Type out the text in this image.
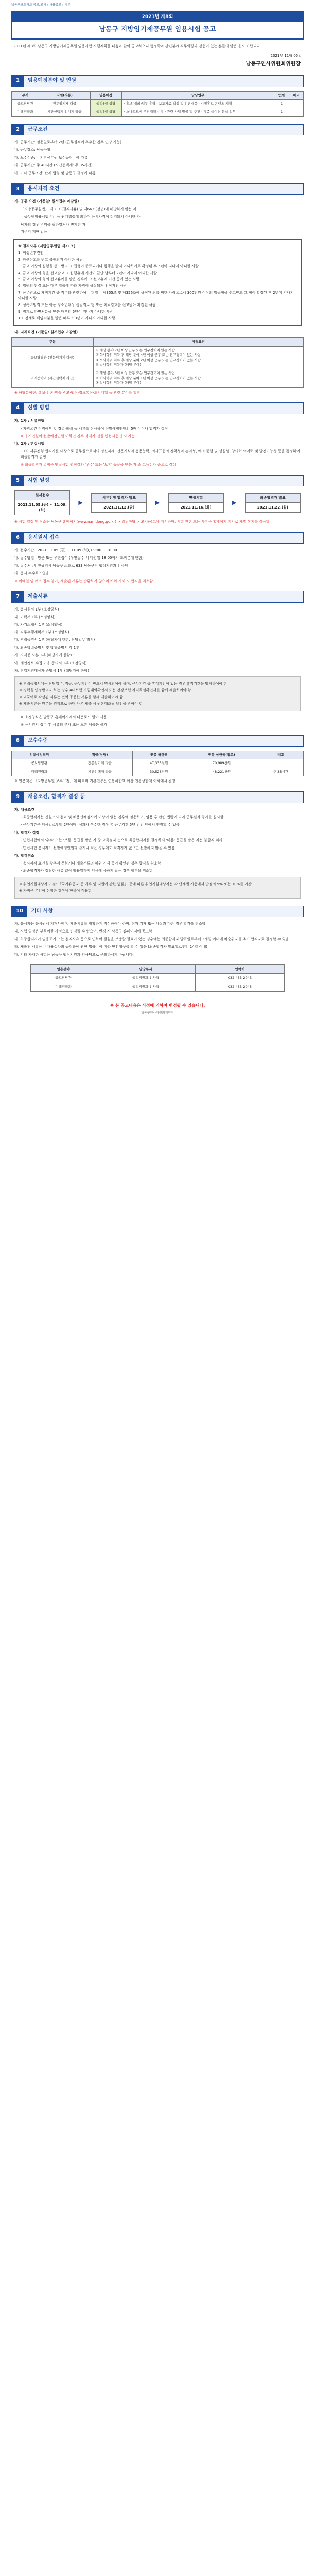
남동구보도자료 공고/고시 › 채용공고 › 세부
2021년 제8회
남동구 지방임기제공무원 임용시험 공고
2021년 제8회 남동구 지방임기제공무원 임용시험 시행계획을 다음과 같이 공고하오니 행정학과 관련분야 직무역량과 경험이 있는 분들의 많은 응시 바랍니다.
2021년 11월 05일
남동구인사위원회위원장
1	임용예정분야 및 인원
부서	직렬(직류)	임용예정	담당업무	인원	비고
공보담당관	전문임기제 다급	행정6급 상당	· 홍보(대외)업무 총괄 · 보도자료 작성 및 언론대응 · 시정홍보 콘텐츠 기획	1	
미래전략과	시간선택제 임기제 라급	행정7급 상당	· 스마트도시 추진계획 수립 · 관련 사업 발굴 및 추진 · 각종 데이터 분석 업무	1	
2	근무조건
가. 근무기간: 임용일로부터 2년 (근무실적이 우수한 경우 연장 가능)
나. 근무장소: 남동구청
다. 보수수준: 「지방공무원 보수규정」에 따름
라. 근무시간: 주 40시간 (시간선택제: 주 35시간)
마. 기타 근무조건: 관계 법령 및 남동구 규정에 따름
3	응시자격 요건
가. 공통 요건 (기준일: 원서접수 마감일)
「지방공무원법」 제31조(결격사유) 및 제66조(정년)에 해당하지 않는 자
「공무원임용시험령」 등 관계법령에 의하여 응시자격이 정지되지 아니한 자
남자의 경우 병역을 필하였거나 면제된 자
거주지 제한 없음
※ 결격사유 (지방공무원법 제31조)
1. 피성년후견인
2. 파산선고를 받고 복권되지 아니한 사람
3. 금고 이상의 실형을 선고받고 그 집행이 종료되거나 집행을 받지 아니하기로 확정된 후 5년이 지나지 아니한 사람
4. 금고 이상의 형을 선고받고 그 집행유예 기간이 끝난 날부터 2년이 지나지 아니한 사람
5. 금고 이상의 형의 선고유예를 받은 경우에 그 선고유예 기간 중에 있는 사람
6. 법원의 판결 또는 다른 법률에 따라 자격이 상실되거나 정지된 사람
7. 공무원으로 재직기간 중 직무와 관련하여 「형법」 제355조 및 제356조에 규정된 죄를 범한 사람으로서 300만원 이상의 벌금형을 선고받고 그 형이 확정된 후 2년이 지나지 아니한 사람
8. 성폭력범죄 또는 아동·청소년대상 성범죄로 형 또는 치료감호를 선고받아 확정된 사람
9. 징계로 파면처분을 받은 때부터 5년이 지나지 아니한 사람
10. 징계로 해임처분을 받은 때부터 3년이 지나지 아니한 사람
나. 자격요건 (기준일: 원서접수 마감일)
구분	자격요건
공보담당관 (전문임기제 다급)	① 해당 분야 7년 이상 근무 또는 연구경력이 있는 사람
② 학사학위 취득 후 해당 분야 4년 이상 근무 또는 연구경력이 있는 사람
③ 석사학위 취득 후 해당 분야 2년 이상 근무 또는 연구경력이 있는 사람
④ 박사학위 취득자 (해당 분야)
미래전략과 (시간선택제 라급)	① 해당 분야 3년 이상 근무 또는 연구경력이 있는 사람
② 학사학위 취득 후 해당 분야 1년 이상 근무 또는 연구경력이 있는 사람
③ 석사학위 취득자 (해당 분야)
※ 해당분야란: 홍보·언론·방송·광고·행정·정보통신·도시계획 등 관련 분야를 말함
4	선발 방법
가. 1차 : 서류전형
- 자격요건 적격여부 및 경력·학력 등 서류를 심사하여 선발예정인원의 5배수 이내 합격자 결정
※ 응시인원이 선발예정인원 이하인 경우 적격자 전원 면접시험 응시 가능
나. 2차 : 면접시험
- 1차 서류전형 합격자를 대상으로 공무원으로서의 정신자세, 전문지식과 응용능력, 의사표현의 정확성과 논리성, 예의·품행 및 성실성, 창의력·의지력 및 발전가능성 등을 평정하여 최종합격자 결정
※ 최종합격자 결정은 면접시험 평정결과 '우수' 또는 '보통' 등급을 받은 자 중 고득점자 순으로 결정
5	시험 일정
원서접수
2021.11.05.(금) ~ 11.09.(화)
▶
서류전형 합격자 발표
2021.11.12.(금)
▶
면접시험
2021.11.16.(화)
▶
최종합격자 발표
2021.11.22.(월)
※ 시험 일정 및 장소는 남동구 홈페이지(www.namdong.go.kr) > 알림마당 > 고시/공고에 게시하며, 시험 관련 모든 사항은 홈페이지 게시로 개별 통지를 갈음함
6	응시원서 접수
가. 접수기간 : 2021.11.05.(금) ~ 11.09.(화), 09:00 ~ 18:00
나. 접수방법 : 방문 또는 우편접수 (우편접수 시 마감일 18:00까지 도착분에 한함)
다. 접수처 : 인천광역시 남동구 소래로 633 남동구청 행정지원과 인사팀
라. 응시 수수료 : 없음
※ 이메일 및 팩스 접수 불가, 제출된 서류는 반환하지 않으며 허위 기재 시 합격을 취소함
7	제출서류
가. 응시원서 1부 (소정양식)
나. 이력서 1부 (소정양식)
다. 자기소개서 1부 (소정양식)
라. 직무수행계획서 1부 (소정양식)
마. 경력증명서 1부 (해당자에 한함, 담당업무 명시)
바. 최종학력증명서 및 학위증명서 각 1부
사. 자격증 사본 1부 (해당자에 한함)
아. 개인정보 수집·이용 동의서 1부 (소정양식)
자. 취업지원대상자 증명서 1부 (해당자에 한함)
※ 경력증명서에는 담당업무, 직급, 근무기간이 반드시 명시되어야 하며, 근무기간 중 휴직기간이 있는 경우 휴직기간을 명시하여야 함
※ 경력을 인정받고자 하는 경우 4대보험 가입내역확인서 또는 건강보험 자격득실확인서를 함께 제출하여야 함
※ 외국어로 작성된 서류는 번역·공증한 서류를 함께 제출하여야 함
※ 제출서류는 원본을 원칙으로 하며 사본 제출 시 원본대조필 날인을 받아야 함
※ 소정양식은 남동구 홈페이지에서 다운로드 받아 사용
※ 응시원서 접수 후 서류의 추가 또는 보완 제출은 불가
8	보수수준
임용예정직위	직급(상당)	연봉 하한액	연봉 상한액(참고)	비고
공보담당관	전문임기제 다급	47,335천원	70,989천원	
미래전략과	시간선택제 라급	30,528천원	48,221천원	주 35시간
※ 연봉액은 「지방공무원 보수규정」에 따르며 기본연봉은 연봉하한액 이상 연봉상한액 이하에서 결정
9	채용조건, 합격자 결정 등
가. 채용조건
- 최종합격자는 신원조사 결과 및 채용신체검사에 이상이 없는 경우에 임용하며, 임용 후 관련 법령에 따라 근무실적 평가를 실시함
- 근무기간은 임용일로부터 2년이며, 성과가 우수한 경우 총 근무기간 5년 범위 안에서 연장할 수 있음
나. 합격자 결정
- 면접시험에서 '우수' 또는 '보통' 등급을 받은 자 중 고득점자 순으로 최종합격자를 결정하되 '미흡' 등급을 받은 자는 불합격 처리
- 면접시험 응시자가 선발예정인원과 같거나 적은 경우에도 적격자가 없으면 선발하지 않을 수 있음
다. 합격취소
- 응시자격 요건을 갖추지 못하거나 제출서류의 허위 기재 등이 확인된 경우 합격을 취소함
- 최종합격자가 정당한 사유 없이 임용일까지 임용에 응하지 않는 경우 합격을 취소함
※ 취업지원대상자 가점: 「국가유공자 등 예우 및 지원에 관한 법률」 등에 따른 취업지원대상자는 각 단계별 시험에서 만점의 5% 또는 10%를 가산
※ 가점은 본인이 신청한 경우에 한하여 적용함
10	기타 사항
가. 응시자는 응시원서 기재사항 및 제출서류를 정확하게 작성하여야 하며, 허위 기재 또는 사실과 다른 경우 합격을 취소함
나. 시험 일정은 부득이한 사정으로 변경될 수 있으며, 변경 시 남동구 홈페이지에 공고함
다. 최종합격자가 임용포기 또는 결격사유 등으로 인하여 결원을 보충할 필요가 있는 경우에는 최종합격자 발표일로부터 3개월 이내에 차순위자를 추가 합격자로 결정할 수 있음
라. 제출된 서류는 「채용절차의 공정화에 관한 법률」에 따라 반환청구를 할 수 있음 (최종합격자 발표일로부터 14일 이내)
마. 기타 자세한 사항은 남동구 행정지원과 인사팀으로 문의하시기 바랍니다.
임용분야	담당부서	연락처
공보담당관	행정지원과 인사팀	032-453-2043
미래전략과	행정지원과 인사팀	032-453-2045
※ 본 공고내용은 사정에 의하여 변경될 수 있습니다.
남동구인사위원회위원장
